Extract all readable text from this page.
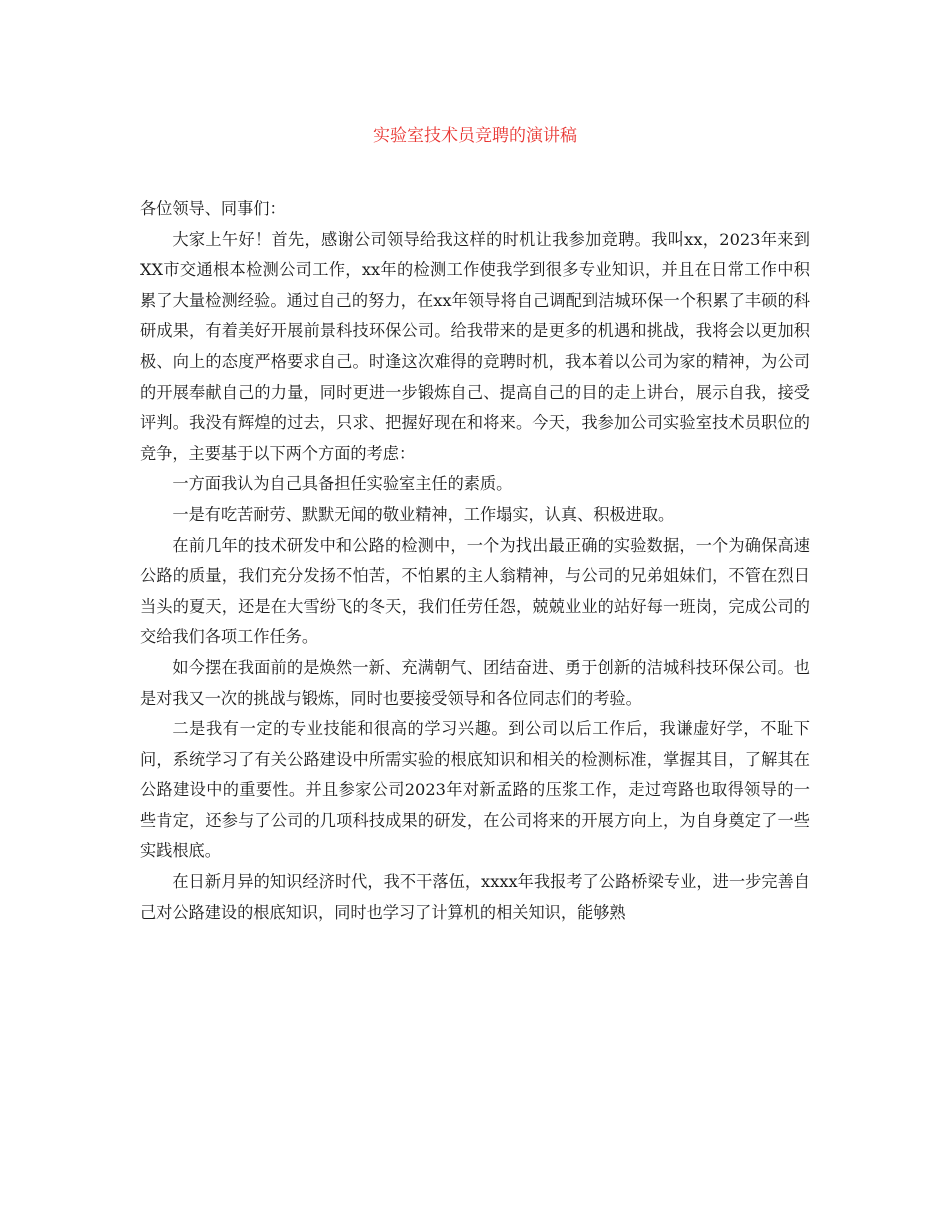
实验室技术员竞聘的演讲稿

各位领导、同事们：

大家上午好！首先，感谢公司领导给我这样的时机让我参加竞聘。我叫xx，2023年来到XX市交通根本检测公司工作，xx年的检测工作使我学到很多专业知识，并且在日常工作中积累了大量检测经验。通过自己的努力，在xx年领导将自己调配到洁城环保一个积累了丰硕的科研成果，有着美好开展前景科技环保公司。给我带来的是更多的机遇和挑战，我将会以更加积极、向上的态度严格要求自己。时逢这次难得的竞聘时机，我本着以公司为家的精神，为公司的开展奉献自己的力量，同时更进一步锻炼自己、提高自己的目的走上讲台，展示自我，接受评判。我没有辉煌的过去，只求、把握好现在和将来。今天，我参加公司实验室技术员职位的竞争，主要基于以下两个方面的考虑：

一方面我认为自己具备担任实验室主任的素质。

一是有吃苦耐劳、默默无闻的敬业精神，工作塌实，认真、积极进取。

在前几年的技术研发中和公路的检测中，一个为找出最正确的实验数据，一个为确保高速公路的质量，我们充分发扬不怕苦，不怕累的主人翁精神，与公司的兄弟姐妹们，不管在烈日当头的夏天，还是在大雪纷飞的冬天，我们任劳任怨，兢兢业业的站好每一班岗，完成公司的交给我们各项工作任务。

如今摆在我面前的是焕然一新、充满朝气、团结奋进、勇于创新的洁城科技环保公司。也是对我又一次的挑战与锻炼，同时也要接受领导和各位同志们的考验。

二是我有一定的专业技能和很高的学习兴趣。到公司以后工作后，我谦虚好学，不耻下问，系统学习了有关公路建设中所需实验的根底知识和相关的检测标准，掌握其目，了解其在公路建设中的重要性。并且参家公司2023年对新孟路的压浆工作，走过弯路也取得领导的一些肯定，还参与了公司的几项科技成果的研发，在公司将来的开展方向上，为自身奠定了一些实践根底。

在日新月异的知识经济时代，我不干落伍，xxxx年我报考了公路桥梁专业，进一步完善自己对公路建设的根底知识，同时也学习了计算机的相关知识，能够熟
